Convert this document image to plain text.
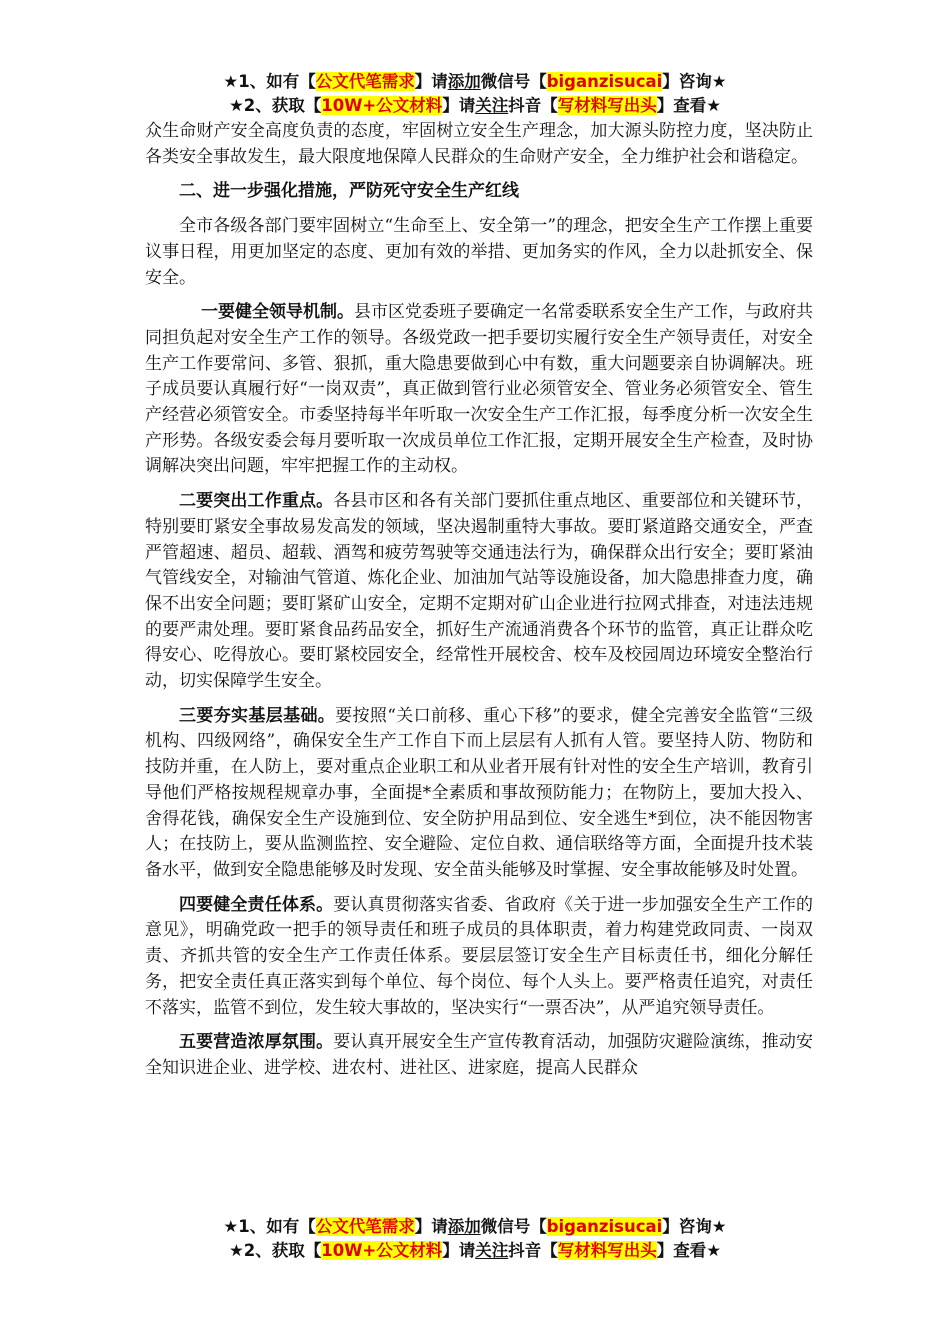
★1、如有【公文代笔需求】请添加微信号【biganzisucai】咨询★
★2、获取【10W+公文材料】请关注抖音【写材料写出头】查看★

众生命财产安全高度负责的态度，牢固树立安全生产理念，加大源头防控力度，坚决防止各类安全事故发生，最大限度地保障人民群众的生命财产安全，全力维护社会和谐稳定。

二、进一步强化措施，严防死守安全生产红线

全市各级各部门要牢固树立“生命至上、安全第一”的理念，把安全生产工作摆上重要议事日程，用更加坚定的态度、更加有效的举措、更加务实的作风，全力以赴抓安全、保安全。

一要健全领导机制。县市区党委班子要确定一名常委联系安全生产工作，与政府共同担负起对安全生产工作的领导。各级党政一把手要切实履行安全生产领导责任，对安全生产工作要常问、多管、狠抓，重大隐患要做到心中有数，重大问题要亲自协调解决。班子成员要认真履行好“一岗双责”，真正做到管行业必须管安全、管业务必须管安全、管生产经营必须管安全。市委坚持每半年听取一次安全生产工作汇报，每季度分析一次安全生产形势。各级安委会每月要听取一次成员单位工作汇报，定期开展安全生产检查，及时协调解决突出问题，牢牢把握工作的主动权。

二要突出工作重点。各县市区和各有关部门要抓住重点地区、重要部位和关键环节，特别要盯紧安全事故易发高发的领域，坚决遏制重特大事故。要盯紧道路交通安全，严查严管超速、超员、超载、酒驾和疲劳驾驶等交通违法行为，确保群众出行安全；要盯紧油气管线安全，对输油气管道、炼化企业、加油加气站等设施设备，加大隐患排查力度，确保不出安全问题；要盯紧矿山安全，定期不定期对矿山企业进行拉网式排查，对违法违规的要严肃处理。要盯紧食品药品安全，抓好生产流通消费各个环节的监管，真正让群众吃得安心、吃得放心。要盯紧校园安全，经常性开展校舍、校车及校园周边环境安全整治行动，切实保障学生安全。

三要夯实基层基础。要按照“关口前移、重心下移”的要求，健全完善安全监管“三级机构、四级网络”，确保安全生产工作自下而上层层有人抓有人管。要坚持人防、物防和技防并重，在人防上，要对重点企业职工和从业者开展有针对性的安全生产培训，教育引导他们严格按规程规章办事，全面提*全素质和事故预防能力；在物防上，要加大投入、舍得花钱，确保安全生产设施到位、安全防护用品到位、安全逃生*到位，决不能因物害人；在技防上，要从监测监控、安全避险、定位自救、通信联络等方面，全面提升技术装备水平，做到安全隐患能够及时发现、安全苗头能够及时掌握、安全事故能够及时处置。

四要健全责任体系。要认真贯彻落实省委、省政府《关于进一步加强安全生产工作的意见》，明确党政一把手的领导责任和班子成员的具体职责，着力构建党政同责、一岗双责、齐抓共管的安全生产工作责任体系。要层层签订安全生产目标责任书，细化分解任务，把安全责任真正落实到每个单位、每个岗位、每个人头上。要严格责任追究，对责任不落实，监管不到位，发生较大事故的，坚决实行“一票否决”，从严追究领导责任。

五要营造浓厚氛围。要认真开展安全生产宣传教育活动，加强防灾避险演练，推动安全知识进企业、进学校、进农村、进社区、进家庭，提高人民群众

★1、如有【公文代笔需求】请添加微信号【biganzisucai】咨询★
★2、获取【10W+公文材料】请关注抖音【写材料写出头】查看★
